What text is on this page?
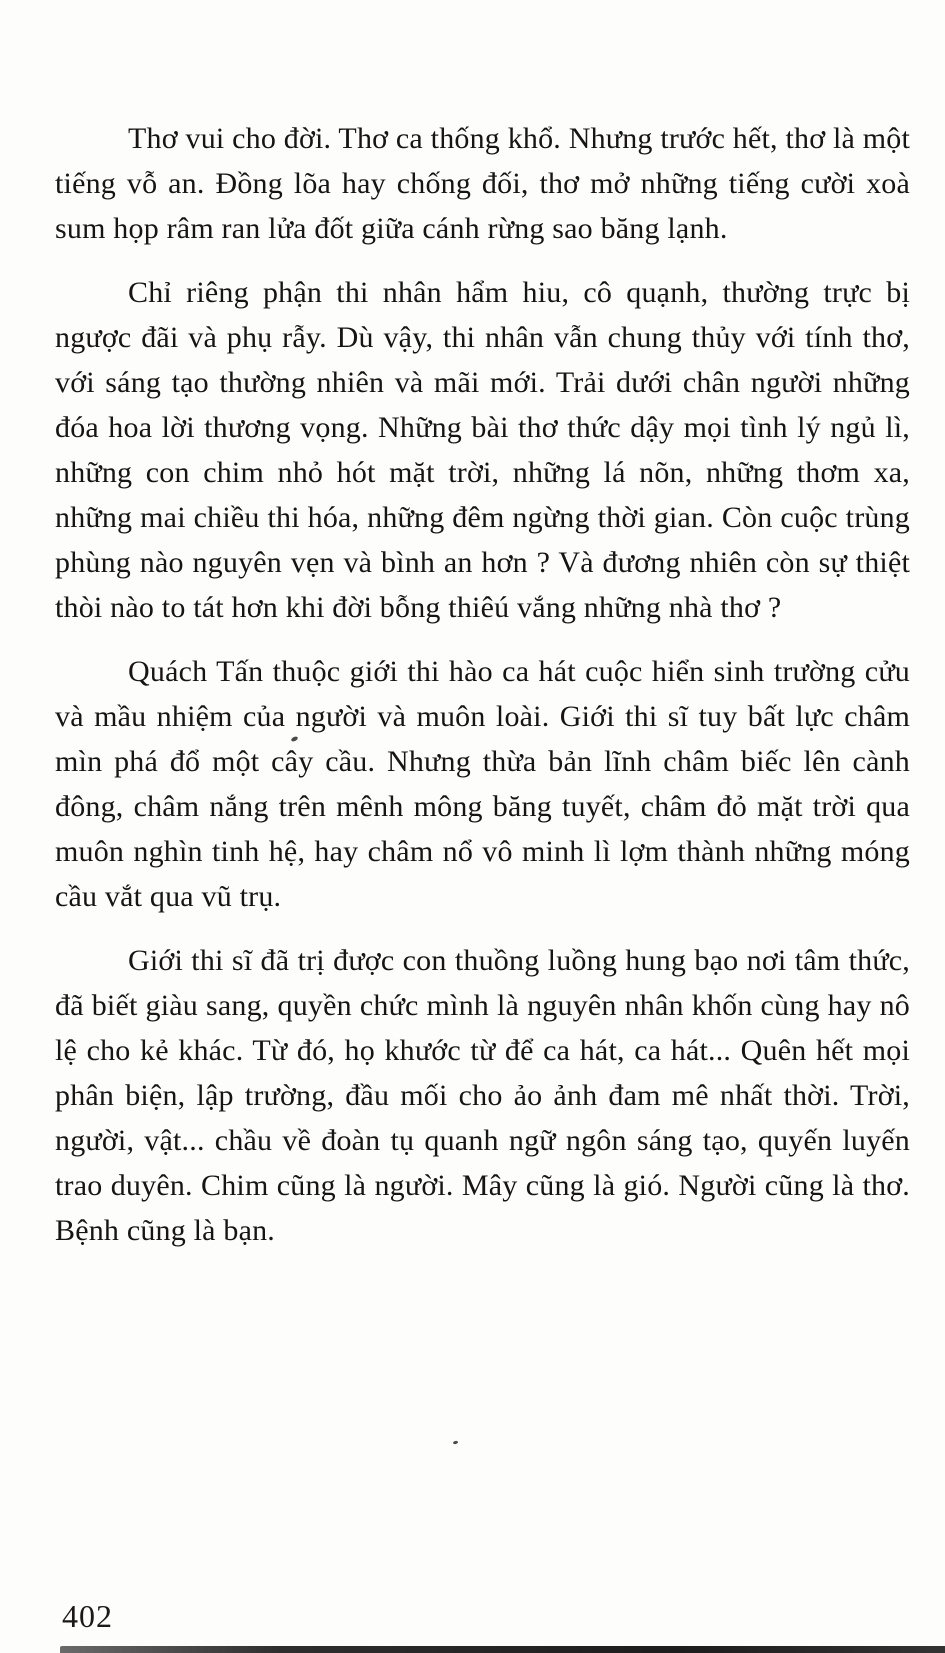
Thơ vui cho đời. Thơ ca thống khổ. Nhưng trước hết, thơ là một tiếng vỗ an. Đồng lõa hay chống đối, thơ mở những tiếng cười xoà sum họp râm ran lửa đốt giữa cánh rừng sao băng lạnh.

Chỉ riêng phận thi nhân hẩm hiu, cô quạnh, thường trực bị ngược đãi và phụ rẫy. Dù vậy, thi nhân vẫn chung thủy với tính thơ, với sáng tạo thường nhiên và mãi mới. Trải dưới chân người những đóa hoa lời thương vọng. Những bài thơ thức dậy mọi tình lý ngủ lì, những con chim nhỏ hót mặt trời, những lá nõn, những thơm xa, những mai chiều thi hóa, những đêm ngừng thời gian. Còn cuộc trùng phùng nào nguyên vẹn và bình an hơn ? Và đương nhiên còn sự thiệt thòi nào to tát hơn khi đời bỗng thiêú vắng những nhà thơ ?

Quách Tấn thuộc giới thi hào ca hát cuộc hiển sinh trường cửu và mầu nhiệm của người và muôn loài. Giới thi sĩ tuy bất lực châm mìn phá đổ một cây cầu. Nhưng thừa bản lĩnh châm biếc lên cành đông, châm nắng trên mênh mông băng tuyết, châm đỏ mặt trời qua muôn nghìn tinh hệ, hay châm nổ vô minh lì lợm thành những móng cầu vắt qua vũ trụ.

Giới thi sĩ đã trị được con thuồng luồng hung bạo nơi tâm thức, đã biết giàu sang, quyền chức mình là nguyên nhân khốn cùng hay nô lệ cho kẻ khác. Từ đó, họ khước từ để ca hát, ca hát... Quên hết mọi phân biện, lập trường, đầu mối cho ảo ảnh đam mê nhất thời. Trời, người, vật... chầu về đoàn tụ quanh ngữ ngôn sáng tạo, quyến luyến trao duyên. Chim cũng là người. Mây cũng là gió. Người cũng là thơ. Bệnh cũng là bạn.

402
